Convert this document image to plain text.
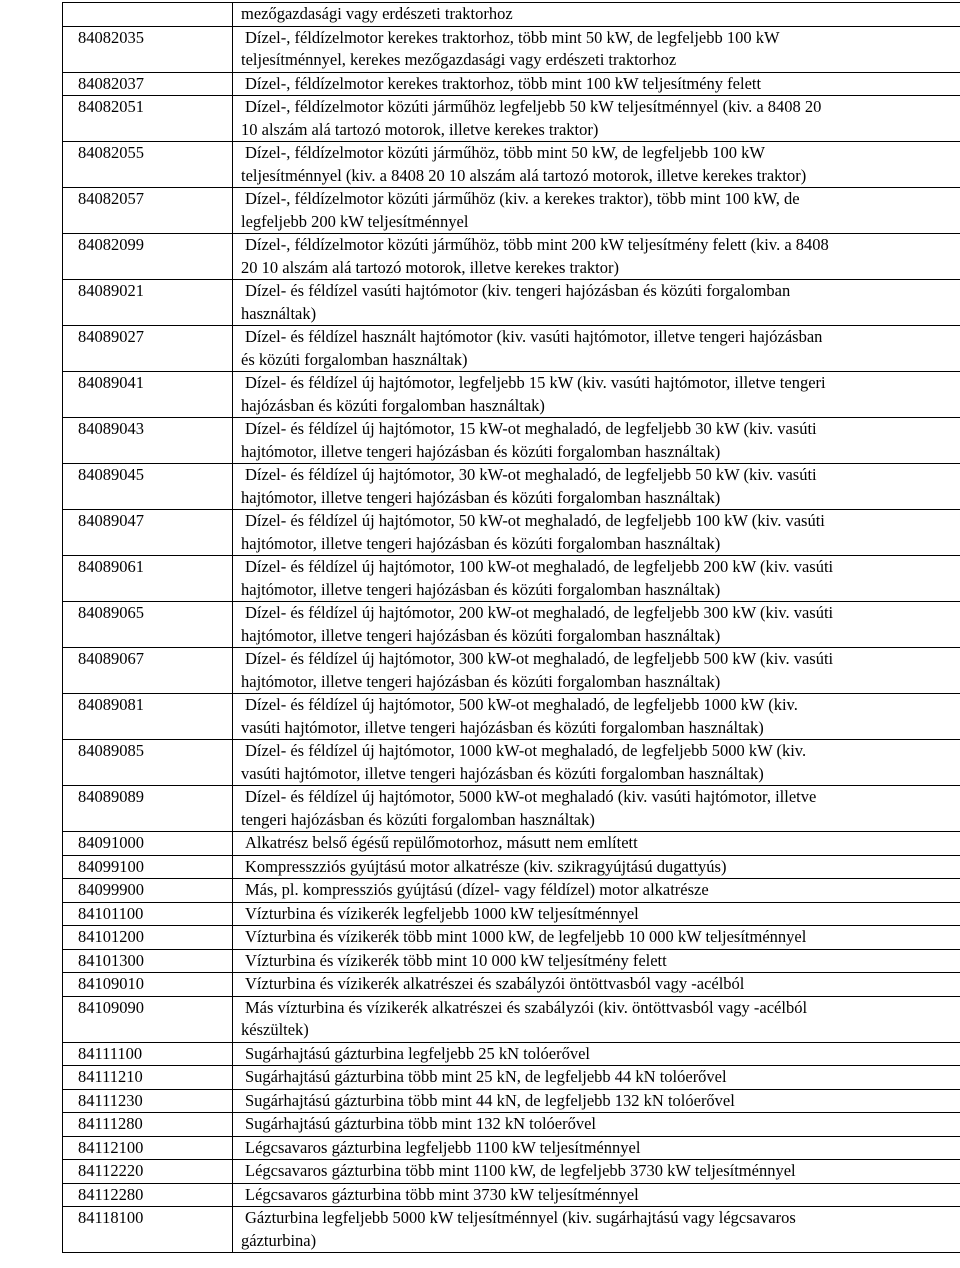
	mezőgazdasági vagy erdészeti traktorhoz

84082035	Dízel-, féldízelmotor kerekes traktorhoz, több mint 50 kW, de legfeljebb 100 kW
teljesítménnyel, kerekes mezőgazdasági vagy erdészeti traktorhoz

84082037	Dízel-, féldízelmotor kerekes traktorhoz, több mint 100 kW teljesítmény felett
84082051	Dízel-, féldízelmotor közúti járműhöz legfeljebb 50 kW teljesítménnyel (kiv. a 8408 20
10 alszám alá tartozó motorok, illetve kerekes traktor)

84082055	Dízel-, féldízelmotor közúti járműhöz, több mint 50 kW, de legfeljebb 100 kW
teljesítménnyel (kiv. a 8408 20 10 alszám alá tartozó motorok, illetve kerekes traktor)

84082057	Dízel-, féldízelmotor közúti járműhöz (kiv. a kerekes traktor), több mint 100 kW, de
legfeljebb 200 kW teljesítménnyel

84082099	Dízel-, féldízelmotor közúti járműhöz, több mint 200 kW teljesítmény felett (kiv. a 8408
20 10 alszám alá tartozó motorok, illetve kerekes traktor)

84089021	Dízel- és féldízel vasúti hajtómotor (kiv. tengeri hajózásban és közúti forgalomban
használtak)

84089027	Dízel- és féldízel használt hajtómotor (kiv. vasúti hajtómotor, illetve tengeri hajózásban
és közúti forgalomban használtak)

84089041	Dízel- és féldízel új hajtómotor, legfeljebb 15 kW (kiv. vasúti hajtómotor, illetve tengeri
hajózásban és közúti forgalomban használtak)

84089043	Dízel- és féldízel új hajtómotor, 15 kW-ot meghaladó, de legfeljebb 30 kW (kiv. vasúti
hajtómotor, illetve tengeri hajózásban és közúti forgalomban használtak)

84089045	Dízel- és féldízel új hajtómotor, 30 kW-ot meghaladó, de legfeljebb 50 kW (kiv. vasúti
hajtómotor, illetve tengeri hajózásban és közúti forgalomban használtak)

84089047	Dízel- és féldízel új hajtómotor, 50 kW-ot meghaladó, de legfeljebb 100 kW (kiv. vasúti
hajtómotor, illetve tengeri hajózásban és közúti forgalomban használtak)

84089061	Dízel- és féldízel új hajtómotor, 100 kW-ot meghaladó, de legfeljebb 200 kW (kiv. vasúti
hajtómotor, illetve tengeri hajózásban és közúti forgalomban használtak)

84089065	Dízel- és féldízel új hajtómotor, 200 kW-ot meghaladó, de legfeljebb 300 kW (kiv. vasúti
hajtómotor, illetve tengeri hajózásban és közúti forgalomban használtak)

84089067	Dízel- és féldízel új hajtómotor, 300 kW-ot meghaladó, de legfeljebb 500 kW (kiv. vasúti
hajtómotor, illetve tengeri hajózásban és közúti forgalomban használtak)

84089081	Dízel- és féldízel új hajtómotor, 500 kW-ot meghaladó, de legfeljebb 1000 kW (kiv.
vasúti hajtómotor, illetve tengeri hajózásban és közúti forgalomban használtak)

84089085	Dízel- és féldízel új hajtómotor, 1000 kW-ot meghaladó, de legfeljebb 5000 kW (kiv.
vasúti hajtómotor, illetve tengeri hajózásban és közúti forgalomban használtak)

84089089	Dízel- és féldízel új hajtómotor, 5000 kW-ot meghaladó (kiv. vasúti hajtómotor, illetve
tengeri hajózásban és közúti forgalomban használtak)

84091000	Alkatrész belső égésű repülőmotorhoz, másutt nem említett
84099100	Kompresszziós gyújtású motor alkatrésze (kiv. szikragyújtású dugattyús)
84099900	Más, pl. kompressziós gyújtású (dízel- vagy féldízel) motor alkatrésze
84101100	Vízturbina és vízikerék legfeljebb 1000 kW teljesítménnyel
84101200	Vízturbina és vízikerék több mint 1000 kW, de legfeljebb 10 000 kW teljesítménnyel
84101300	Vízturbina és vízikerék több mint 10 000 kW teljesítmény felett
84109010	Vízturbina és vízikerék alkatrészei és szabályzói öntöttvasból vagy -acélból
84109090	Más vízturbina és vízikerék alkatrészei és szabályzói (kiv. öntöttvasból vagy -acélból
készültek)

84111100	Sugárhajtású gázturbina legfeljebb 25 kN tolóerővel
84111210	Sugárhajtású gázturbina több mint 25 kN, de legfeljebb 44 kN tolóerővel
84111230	Sugárhajtású gázturbina több mint 44 kN, de legfeljebb 132 kN tolóerővel
84111280	Sugárhajtású gázturbina több mint 132 kN tolóerővel
84112100	Légcsavaros gázturbina legfeljebb 1100 kW teljesítménnyel
84112220	Légcsavaros gázturbina több mint 1100 kW, de legfeljebb 3730 kW teljesítménnyel
84112280	Légcsavaros gázturbina több mint 3730 kW teljesítménnyel
84118100	Gázturbina legfeljebb 5000 kW teljesítménnyel (kiv. sugárhajtású vagy légcsavaros
gázturbina)
